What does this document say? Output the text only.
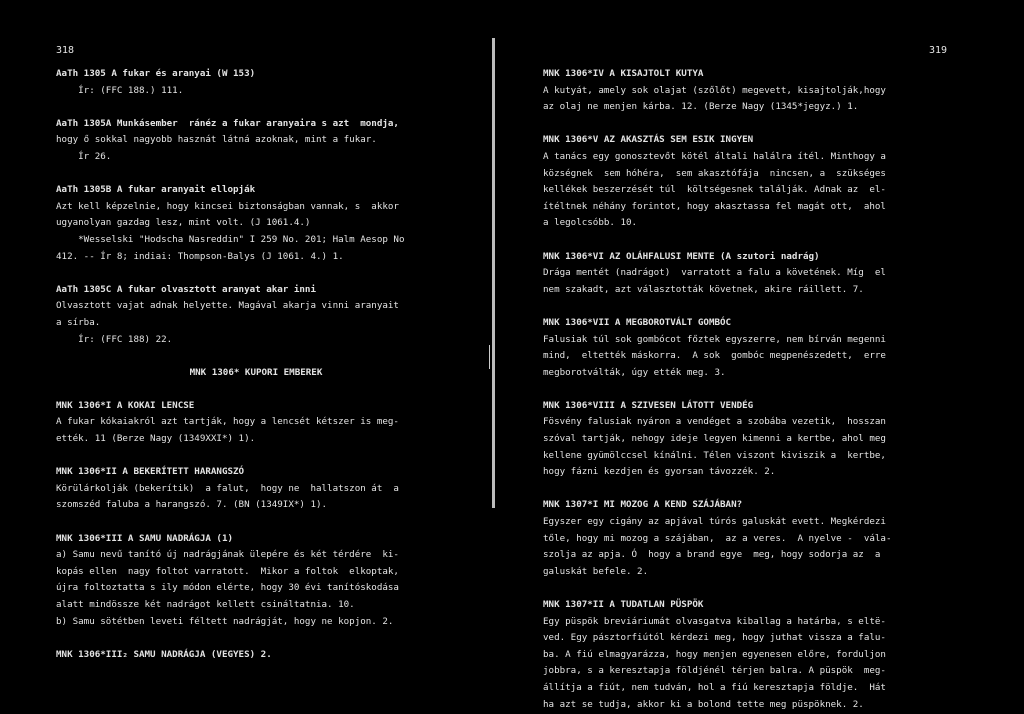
318	319
AaTh 1305 A fukar és aranyai (W 153)
Ír: (FFC 188.) 111.
AaTh 1305A Munkásember  ránéz a fukar aranyaira s azt  mondja,
hogy ő sokkal nagyobb hasznát látná azoknak, mint a fukar.
Ír 26.
AaTh 1305B A fukar aranyait ellopják
Azt kell képzelnie, hogy kincsei biztonságban vannak, s  akkor
ugyanolyan gazdag lesz, mint volt. (J 1061.4.)
*Wesselski "Hodscha Nasreddin" I 259 No. 201; Halm Aesop No
412. -- Ír 8; indiai: Thompson-Balys (J 1061. 4.) 1.
AaTh 1305C A fukar olvasztott aranyat akar inni
Olvasztott vajat adnak helyette. Magával akarja vinni aranyait
a sírba.
Ír: (FFC 188) 22.
MNK 1306* KUPORI EMBEREK
MNK 1306*I A KOKAI LENCSE
A fukar kókaiakról azt tartják, hogy a lencsét kétszer is meg-
ették. 11 (Berze Nagy (1349XXI*) 1).
MNK 1306*II A BEKERÍTETT HARANGSZÓ
Körülárkolják (bekerítik)  a falut,  hogy ne  hallatszon át  a
szomszéd faluba a harangszó. 7. (BN (1349IX*) 1).
MNK 1306*III A SAMU NADRÁGJA (1)
a) Samu nevű tanító új nadrágjának ülepére és két térdére  ki-
kopás ellen  nagy foltot varratott.  Mikor a foltok  elkoptak,
újra foltoztatta s ily módon elérte, hogy 30 évi tanítóskodása
alatt mindössze két nadrágot kellett csináltatnia. 10.
b) Samu sötétben leveti féltett nadrágját, hogy ne kopjon. 2.
MNK 1306*III₂ SAMU NADRÁGJA (VEGYES) 2.
MNK 1306*IV A KISAJTOLT KUTYA
A kutyát, amely sok olajat (szőlőt) megevett, kisajtolják,hogy
az olaj ne menjen kárba. 12. (Berze Nagy (1345*jegyz.) 1.
MNK 1306*V AZ AKASZTÁS SEM ESIK INGYEN
A tanács egy gonosztevőt kötél általi halálra ítél. Minthogy a
községnek  sem hóhéra,  sem akasztófája  nincsen, a  szükséges
kellékek beszerzését túl  költségesnek találják. Adnak az  el-
ítéltnek néhány forintot, hogy akasztassa fel magát ott,  ahol
a legolcsóbb. 10.
MNK 1306*VI AZ OLÁHFALUSI MENTE (A szutori nadrág)
Drága mentét (nadrágot)  varratott a falu a követének. Míg  el
nem szakadt, azt választották követnek, akire ráillett. 7.
MNK 1306*VII A MEGBOROTVÁLT GOMBÓC
Falusiak túl sok gombócot főztek egyszerre, nem bírván megenni
mind,  eltették máskorra.  A sok  gombóc megpenészedett,  erre
megborotválták, úgy ették meg. 3.
MNK 1306*VIII A SZIVESEN LÁTOTT VENDÉG
Fösvény falusiak nyáron a vendéget a szobába vezetik,  hosszan
szóval tartják, nehogy ideje legyen kimenni a kertbe, ahol meg
kellene gyümölccsel kínálni. Télen viszont kiviszik a  kertbe,
hogy fázni kezdjen és gyorsan távozzék. 2.
MNK 1307*I MI MOZOG A KEND SZÁJÁBAN?
Egyszer egy cigány az apjával túrós galuskát evett. Megkérdezi
tőle, hogy mi mozog a szájában,  az a veres.  A nyelve -  vála-
szolja az apja. Ó  hogy a brand egye  meg, hogy sodorja az  a
galuskát befele. 2.
MNK 1307*II A TUDATLAN PÜSPÖK
Egy püspök breviáriumát olvasgatva kiballag a határba, s eltë-
ved. Egy pásztorfiútól kérdezi meg, hogy juthat vissza a falu-
ba. A fiú elmagyarázza, hogy menjen egyenesen előre, forduljon
jobbra, s a keresztapja földjénél térjen balra. A püspök  meg-
állítja a fiút, nem tudván, hol a fiú keresztapja földje.  Hát
ha azt se tudja, akkor ki a bolond tette meg püspöknek. 2.
